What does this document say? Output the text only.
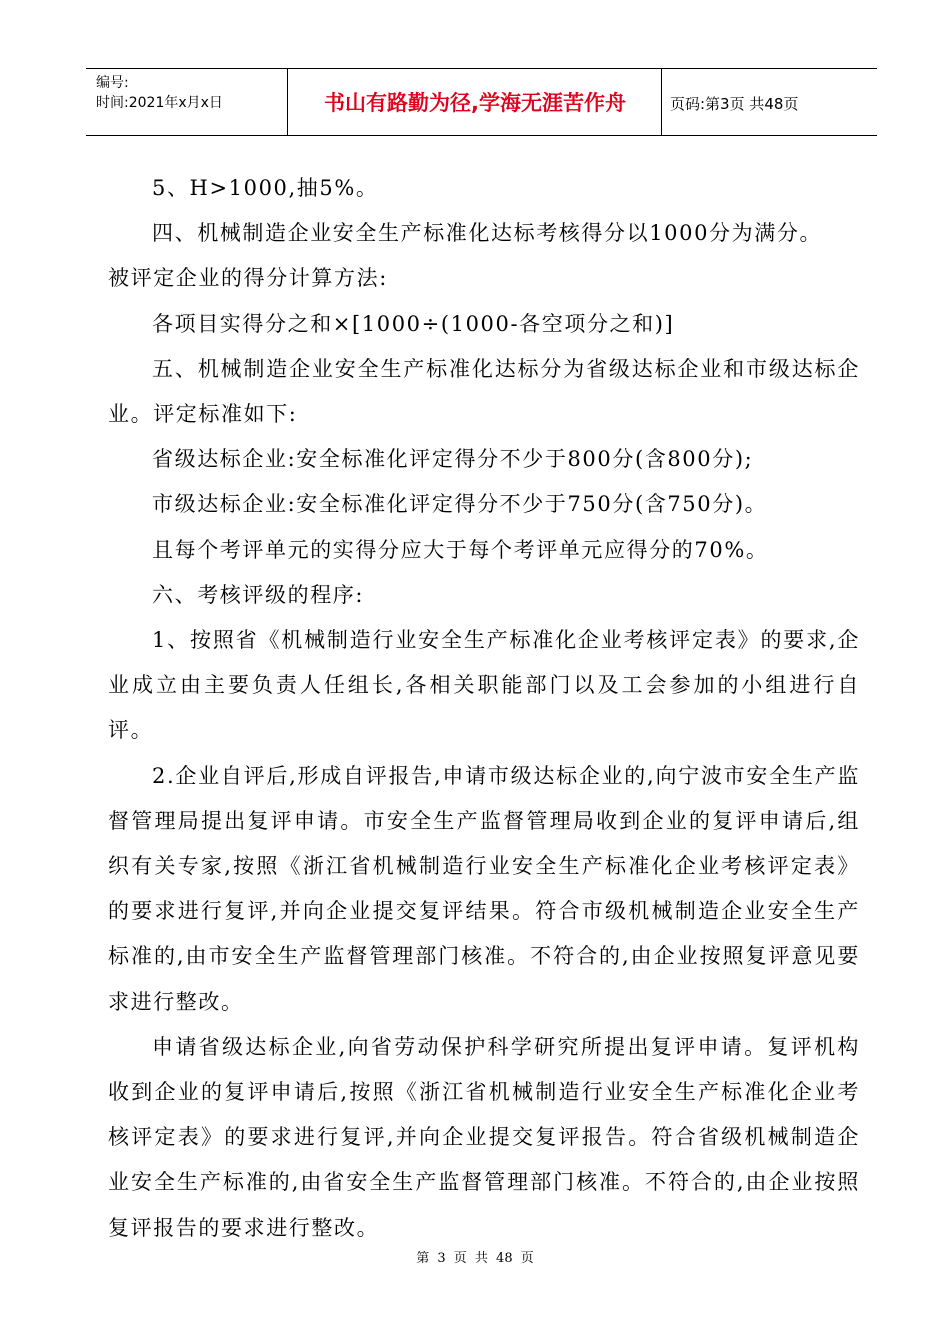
编号:
时间:2021年x月x日	书山有路勤为径,学海无涯苦作舟	页码:第3页 共48页

5、H>1000,抽5%。

四、机械制造企业安全生产标准化达标考核得分以1000分为满分。

被评定企业的得分计算方法:

各项目实得分之和×[1000÷(1000-各空项分之和)]

五、机械制造企业安全生产标准化达标分为省级达标企业和市级达标企业。评定标准如下:

省级达标企业:安全标准化评定得分不少于800分(含800分);

市级达标企业:安全标准化评定得分不少于750分(含750分)。

且每个考评单元的实得分应大于每个考评单元应得分的70%。

六、考核评级的程序:

1、按照省《机械制造行业安全生产标准化企业考核评定表》的要求,企业成立由主要负责人任组长,各相关职能部门以及工会参加的小组进行自评。

2.企业自评后,形成自评报告,申请市级达标企业的,向宁波市安全生产监督管理局提出复评申请。市安全生产监督管理局收到企业的复评申请后,组织有关专家,按照《浙江省机械制造行业安全生产标准化企业考核评定表》的要求进行复评,并向企业提交复评结果。符合市级机械制造企业安全生产标准的,由市安全生产监督管理部门核准。不符合的,由企业按照复评意见要求进行整改。

申请省级达标企业,向省劳动保护科学研究所提出复评申请。复评机构收到企业的复评申请后,按照《浙江省机械制造行业安全生产标准化企业考核评定表》的要求进行复评,并向企业提交复评报告。符合省级机械制造企业安全生产标准的,由省安全生产监督管理部门核准。不符合的,由企业按照复评报告的要求进行整改。

第 3 页 共 48 页
